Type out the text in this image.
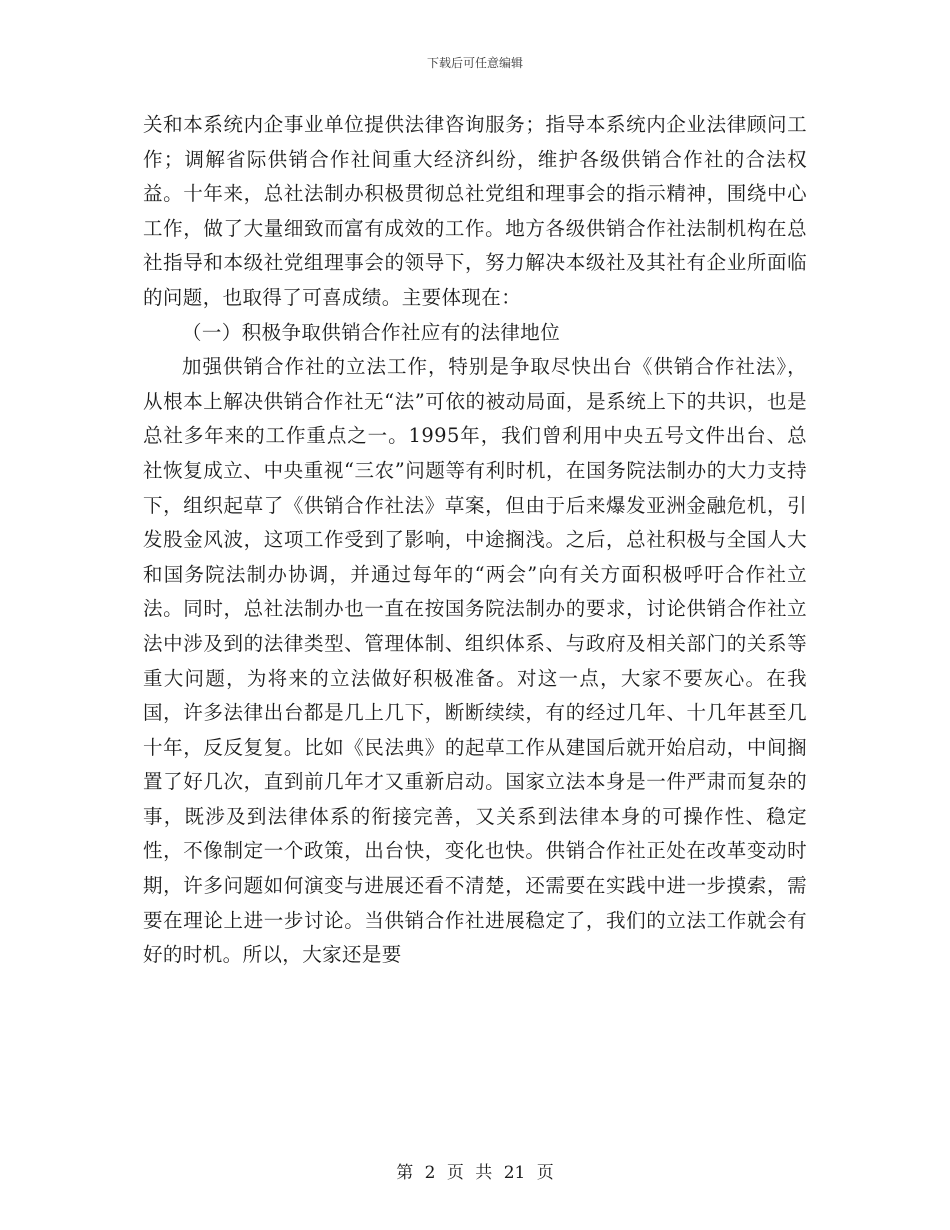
下载后可任意编辑

关和本系统内企事业单位提供法律咨询服务；指导本系统内企业法律顾问工作；调解省际供销合作社间重大经济纠纷，维护各级供销合作社的合法权益。十年来，总社法制办积极贯彻总社党组和理事会的指示精神，围绕中心工作，做了大量细致而富有成效的工作。地方各级供销合作社法制机构在总社指导和本级社党组理事会的领导下，努力解决本级社及其社有企业所面临的问题，也取得了可喜成绩。主要体现在：

（一）积极争取供销合作社应有的法律地位

加强供销合作社的立法工作，特别是争取尽快出台《供销合作社法》，从根本上解决供销合作社无“法”可依的被动局面，是系统上下的共识，也是总社多年来的工作重点之一。1995年，我们曾利用中央五号文件出台、总社恢复成立、中央重视“三农”问题等有利时机，在国务院法制办的大力支持下，组织起草了《供销合作社法》草案，但由于后来爆发亚洲金融危机，引发股金风波，这项工作受到了影响，中途搁浅。之后，总社积极与全国人大和国务院法制办协调，并通过每年的“两会”向有关方面积极呼吁合作社立法。同时，总社法制办也一直在按国务院法制办的要求，讨论供销合作社立法中涉及到的法律类型、管理体制、组织体系、与政府及相关部门的关系等重大问题，为将来的立法做好积极准备。对这一点，大家不要灰心。在我国，许多法律出台都是几上几下，断断续续，有的经过几年、十几年甚至几十年，反反复复。比如《民法典》的起草工作从建国后就开始启动，中间搁置了好几次，直到前几年才又重新启动。国家立法本身是一件严肃而复杂的事，既涉及到法律体系的衔接完善，又关系到法律本身的可操作性、稳定性，不像制定一个政策，出台快，变化也快。供销合作社正处在改革变动时期，许多问题如何演变与进展还看不清楚，还需要在实践中进一步摸索，需要在理论上进一步讨论。当供销合作社进展稳定了，我们的立法工作就会有好的时机。所以，大家还是要

第 2 页 共 21 页
